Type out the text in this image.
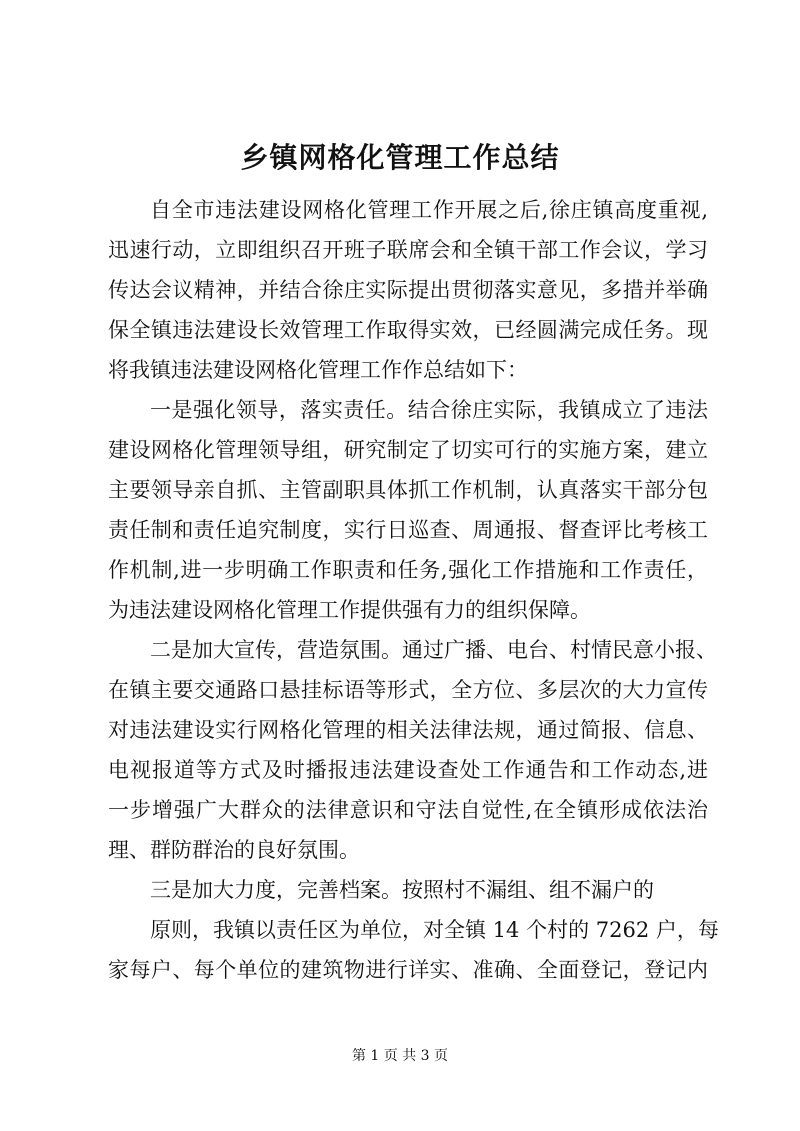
乡镇网格化管理工作总结
自全市违法建设网格化管理工作开展之后,徐庄镇高度重视,
迅速行动，立即组织召开班子联席会和全镇干部工作会议，学习
传达会议精神，并结合徐庄实际提出贯彻落实意见，多措并举确
保全镇违法建设长效管理工作取得实效，已经圆满完成任务。现
将我镇违法建设网格化管理工作作总结如下：
一是强化领导，落实责任。结合徐庄实际，我镇成立了违法
建设网格化管理领导组，研究制定了切实可行的实施方案，建立
主要领导亲自抓、主管副职具体抓工作机制，认真落实干部分包
责任制和责任追究制度，实行日巡查、周通报、督查评比考核工
作机制,进一步明确工作职责和任务,强化工作措施和工作责任，
为违法建设网格化管理工作提供强有力的组织保障。
二是加大宣传，营造氛围。通过广播、电台、村情民意小报、
在镇主要交通路口悬挂标语等形式，全方位、多层次的大力宣传
对违法建设实行网格化管理的相关法律法规，通过简报、信息、
电视报道等方式及时播报违法建设查处工作通告和工作动态,进
一步增强广大群众的法律意识和守法自觉性,在全镇形成依法治
理、群防群治的良好氛围。
三是加大力度，完善档案。按照村不漏组、组不漏户的
原则，我镇以责任区为单位，对全镇 14 个村的 7262 户，每
家每户、每个单位的建筑物进行详实、准确、全面登记，登记内
第 1 页 共 3 页
